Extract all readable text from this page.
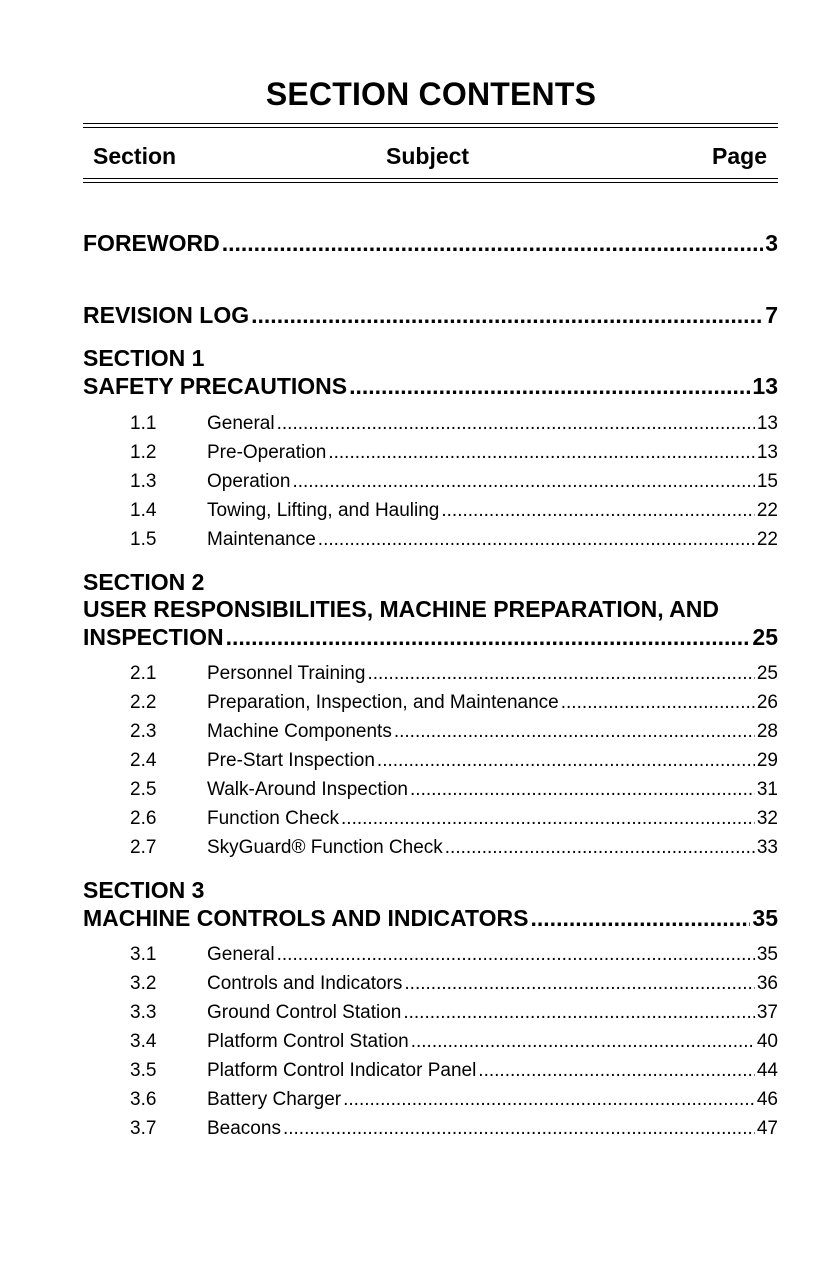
SECTION CONTENTS
Section	Subject	Page
FOREWORD .....	3
REVISION LOG .....	7
SECTION 1
SAFETY PRECAUTIONS .....	13
1.1	General .....	13
1.2	Pre-Operation .....	13
1.3	Operation .....	15
1.4	Towing, Lifting, and Hauling .....	22
1.5	Maintenance .....	22
SECTION 2
USER RESPONSIBILITIES, MACHINE PREPARATION, AND
INSPECTION .....	25
2.1	Personnel Training .....	25
2.2	Preparation, Inspection, and Maintenance .....	26
2.3	Machine Components .....	28
2.4	Pre-Start Inspection .....	29
2.5	Walk-Around Inspection .....	31
2.6	Function Check .....	32
2.7	SkyGuard® Function Check .....	33
SECTION 3
MACHINE CONTROLS AND INDICATORS .....	35
3.1	General .....	35
3.2	Controls and Indicators .....	36
3.3	Ground Control Station .....	37
3.4	Platform Control Station .....	40
3.5	Platform Control Indicator Panel .....	44
3.6	Battery Charger .....	46
3.7	Beacons .....	47
